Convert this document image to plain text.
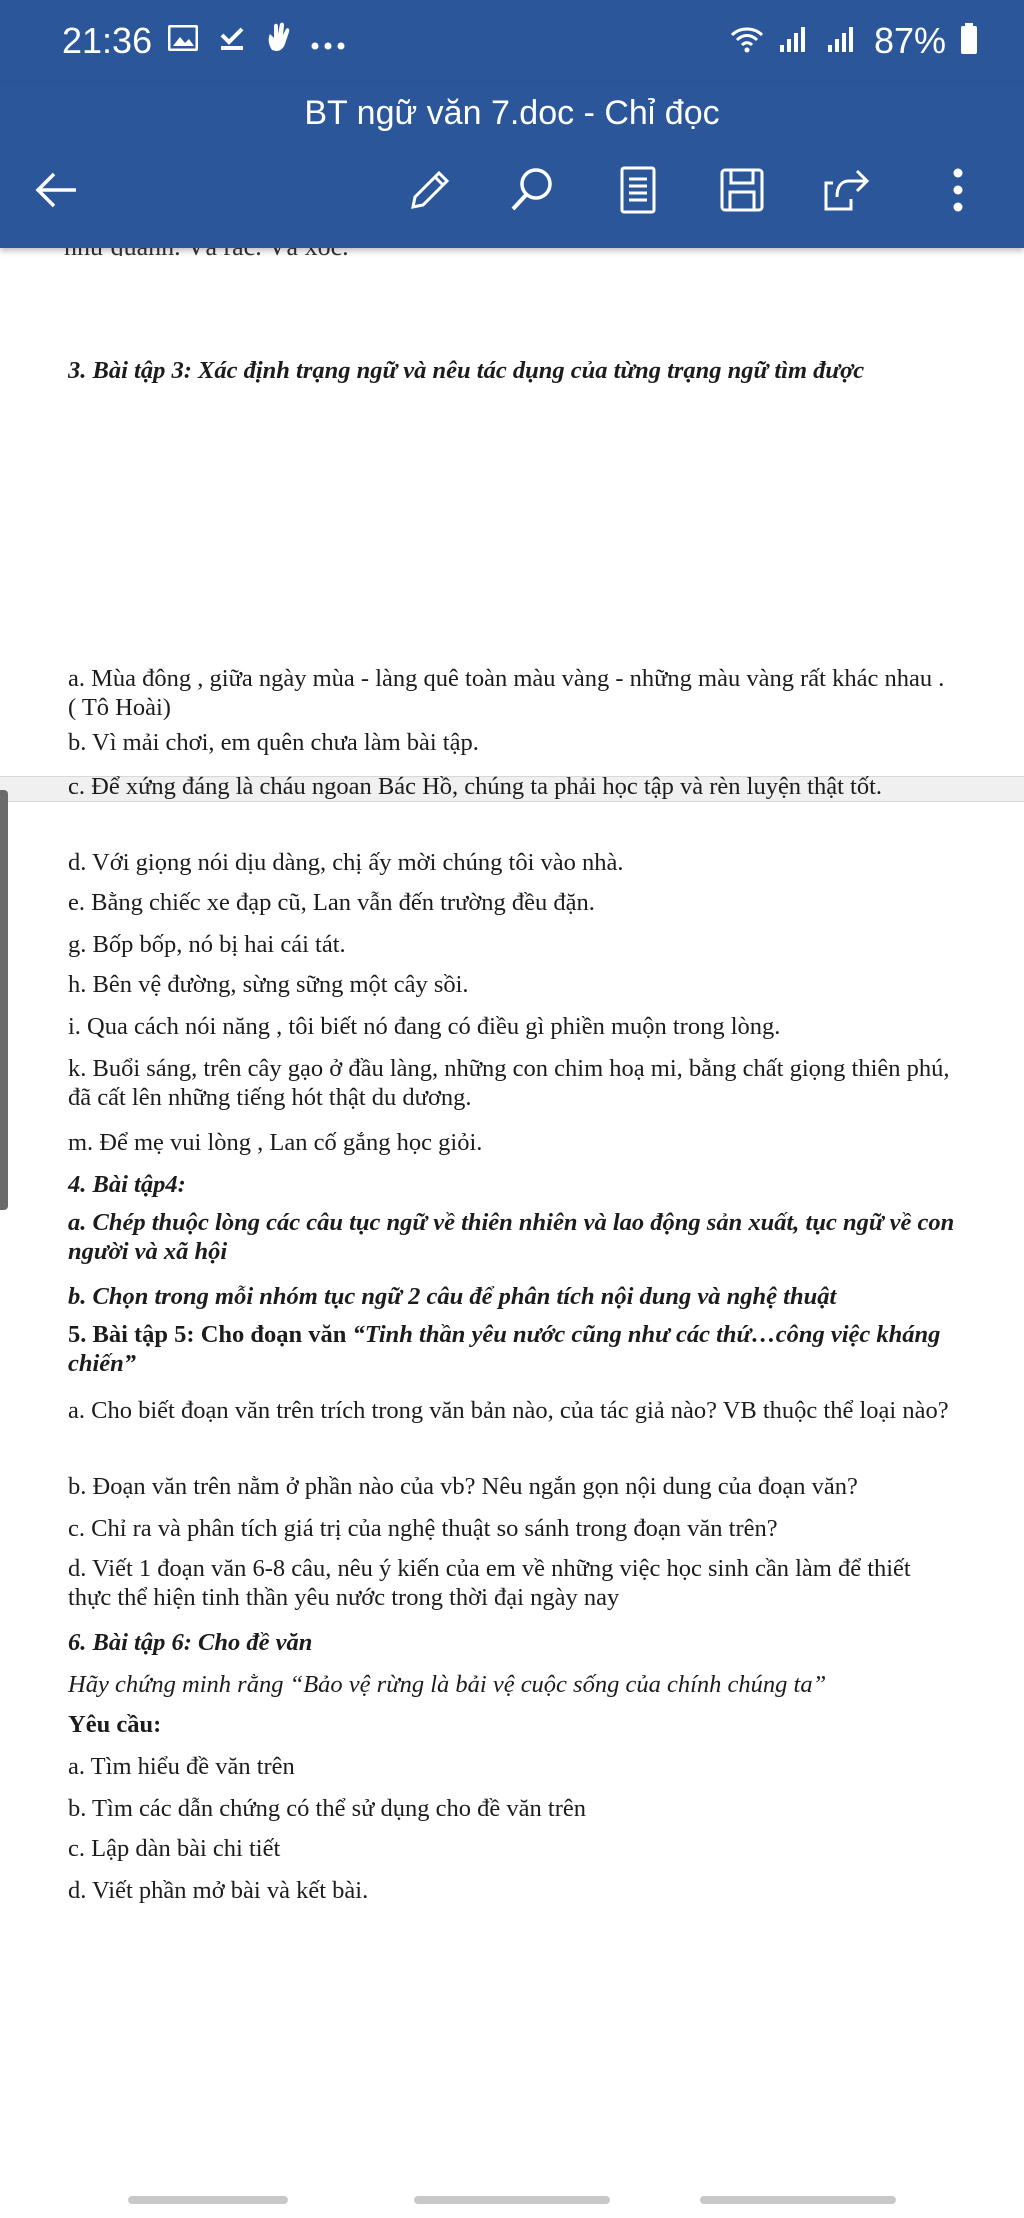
21:36	87%
BT ngữ văn 7.doc - Chỉ đọc
3. Bài tập 3: Xác định trạng ngữ và nêu tác dụng của từng trạng ngữ tìm được
a. Mùa đông , giữa ngày mùa - làng quê toàn màu vàng - những màu vàng rất khác nhau . ( Tô Hoài)
b. Vì mải chơi, em quên chưa làm bài tập.
c. Để xứng đáng là cháu ngoan Bác Hồ, chúng ta phải học tập và rèn luyện thật tốt.
d. Với giọng nói dịu dàng, chị ấy mời chúng tôi vào nhà.
e. Bằng chiếc xe đạp cũ, Lan vẫn đến trường đều đặn.
g. Bốp bốp, nó bị hai cái tát.
h. Bên vệ đường, sừng sững một cây sồi.
i. Qua cách nói năng , tôi biết nó đang có điều gì phiền muộn trong lòng.
k. Buổi sáng, trên cây gạo ở đầu làng, những con chim hoạ mi, bằng chất giọng thiên phú, đã cất lên những tiếng hót thật du dương.
m. Để mẹ vui lòng , Lan cố gắng học giỏi.
4. Bài tập4:
a. Chép thuộc lòng các câu tục ngữ về thiên nhiên và lao động sản xuất, tục ngữ về con người và xã hội
b. Chọn trong mỗi nhóm tục ngữ 2 câu để phân tích nội dung và nghệ thuật
5. Bài tập 5: Cho đoạn văn “Tinh thần yêu nước cũng như các thứ…công việc kháng chiến”
a. Cho biết đoạn văn trên trích trong văn bản nào, của tác giả nào? VB thuộc thể loại nào?
b. Đoạn văn trên nằm ở phần nào của vb? Nêu ngắn gọn nội dung của đoạn văn?
c. Chỉ ra và phân tích giá trị của nghệ thuật so sánh trong đoạn văn trên?
d. Viết 1 đoạn văn 6-8 câu, nêu ý kiến của em về những việc học sinh cần làm để thiết thực thể hiện tinh thần yêu nước trong thời đại ngày nay
6. Bài tập 6: Cho đề văn
Hãy chứng minh rằng “Bảo vệ rừng là bải vệ cuộc sống của chính chúng ta”
Yêu cầu:
a. Tìm hiểu đề văn trên
b. Tìm các dẫn chứng có thể sử dụng cho đề văn trên
c. Lập dàn bài chi tiết
d. Viết phần mở bài và kết bài.
